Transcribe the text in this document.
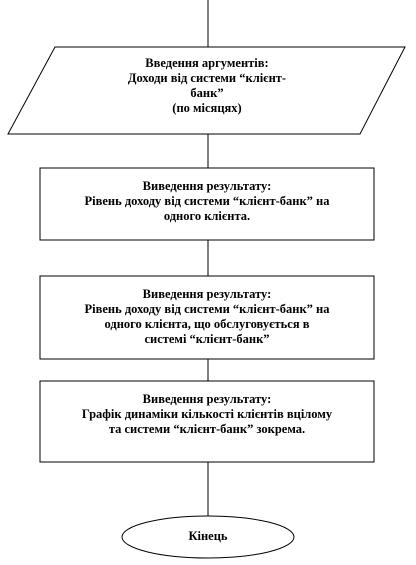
Введення аргументів:
Доходи від системи “клієнт-
банк”
(по місяцях)
Виведення результату:
Рівень доходу від системи “клієнт-банк” на
одного клієнта.
Виведення результату:
Рівень доходу від системи “клієнт-банк” на
одного клієнта, що обслуговується в
системі “клієнт-банк”
Виведення результату:
Графік динаміки кількості клієнтів вцілому
та системи “клієнт-банк” зокрема.
Кінець
